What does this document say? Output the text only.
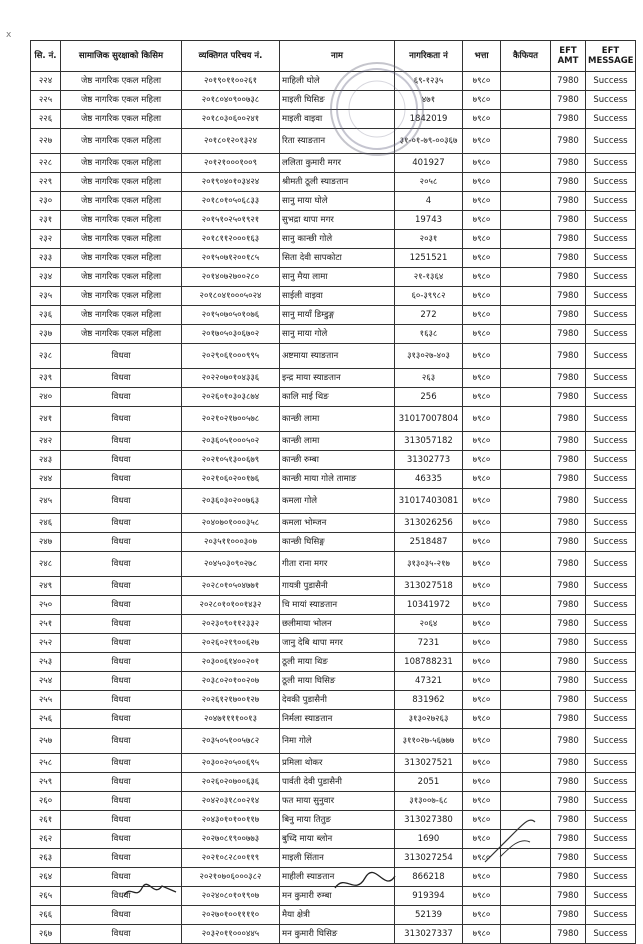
x
सि. नं.	सामाजिक सुरक्षाको किसिम	व्यक्तिगत परिचय नं.	नाम	नागरिकता नं	भत्ता	कैफियत	EFT AMT	EFT MESSAGE
२२४	जेष्ठ नागरिक एकल महिला	२०१९०११००२६१	माहिली घोले	६९-१२३५	७९८०		7980	Success
२२५	जेष्ठ नागरिक एकल महिला	२०१८०४०९००७३८	माइली घिसिङ	४७१	७९८०		7980	Success
२२६	जेष्ठ नागरिक एकल महिला	२०१८०३०६००२४१	माइली वाइवा	1842019	७९८०		7980	Success
२२७	जेष्ठ नागरिक एकल महिला	२०१८०१२०१३२४	रिता स्याङतान	३१-०१-७९-००३६७	७९८०		7980	Success
२२८	जेष्ठ नागरिक एकल महिला	२०१२१०००१००९	ललिता कुमारी मगर	401927	७९८०		7980	Success
२२९	जेष्ठ नागरिक एकल महिला	२०१९०४०१०३४२४	श्रीमती ठूली स्याङतान	२०५८	७९८०		7980	Success
२३०	जेष्ठ नागरिक एकल महिला	२०१८०१०५०६८३३	सानु माया घोले	4	७९८०		7980	Success
२३१	जेष्ठ नागरिक एकल महिला	२०१५१०२५०१९२१	सुभद्रा थापा मगर	19743	७९८०		7980	Success
२३२	जेष्ठ नागरिक एकल महिला	२०१८११२०००१६३	सानु कान्छी गोले	२०३१	७९८०		7980	Success
२३३	जेष्ठ नागरिक एकल महिला	२०१५०७१२००१८५	सिता देवी सापकोटा	1251521	७९८०		7980	Success
२३४	जेष्ठ नागरिक एकल महिला	२०१४०७२७००२८०	सानु मैया लामा	२१-१३६४	७९८०		7980	Success
२३५	जेष्ठ नागरिक एकल महिला	२०१८०४१०००५०२४	साईली वाइवा	६०-३९९८२	७९८०		7980	Success
२३६	जेष्ठ नागरिक एकल महिला	२०१५०७०५०१०७६	सानु मायाँ डिम्डुङ्ग	272	७९८०		7980	Success
२३७	जेष्ठ नागरिक एकल महिला	२०१७०५०३०६७०२	सानु माया गोले	१६३८	७९८०		7980	Success
२३८	विधवा	२०२९०६१०००९९५	अष्टमाया स्याङतान	३१३०२७-४०३	७९८०		7980	Success
२३९	विधवा	२०२२०७०१०४३३६	इन्द्र माया स्याङतान	२६३	७९८०		7980	Success
२४०	विधवा	२०२६०१०३०३८७४	कालि माई थिङ	256	७९८०		7980	Success
२४१	विधवा	२०२१०२१७००५७८	कान्छी लामा	31017007804	७९८०		7980	Success
२४२	विधवा	२०३६०५१०००५०२	कान्छी लामा	313057182	७९८०		7980	Success
२४३	विधवा	२०२१०५१३००६७९	कान्छी रुम्बा	31302773	७९८०		7980	Success
२४४	विधवा	२०२१०६०२००१७६	कान्छी माया गोले तामाङ	46335	७९८०		7980	Success
२४५	विधवा	२०३६०३०२००७६३	कमला गोले	31017403081	७९८०		7980	Success
२४६	विधवा	२०४०७०१०००३५८	कमला भोम्जन	313026256	७९८०		7980	Success
२४७	विधवा	२०३५११०००३०७	कान्छी घिसिङ्ग	2518487	७९८०		7980	Success
२४८	विधवा	२०४५०३०९०२७८	गीता राना मगर	३१३०३५-२१७	७९८०		7980	Success
२४९	विधवा	२०२८०१०५०४७७१	गायत्री पुडासैनी	313027518	७९८०		7980	Success
२५०	विधवा	२०२८०१०१००१४३२	चि मायां स्याङतान	10341972	७९८०		7980	Success
२५१	विधवा	२०२३०९०११२३३२	छलीमाया भोलन	२०६४	७९८०		7980	Success
२५२	विधवा	२०२६०२१९००६२७	जानु देबि थापा मगर	7231	७९८०		7980	Success
२५३	विधवा	२०३००६१४००२०१	ठूली माया थिङ	108788231	७९८०		7980	Success
२५४	विधवा	२०३८०२०१००२०७	ठूली माया घिसिङ	47321	७९८०		7980	Success
२५५	विधवा	२०२६१२१७००१२७	देवकी पुडासैनी	831962	७९८०		7980	Success
२५६	विधवा	२०४७११११००१३	निर्मला स्याङतान	३१३०२७२६३	७९८०		7980	Success
२५७	विधवा	२०३५०५१००५७८२	निमा गोले	३११०२७-५६७७७	७९८०		7980	Success
२५८	विधवा	२०३००२०५००६९५	प्रमिला थोकर	313027521	७९८०		7980	Success
२५९	विधवा	२०२६०२०७००६३६	पार्वती देवी पुडासैनी	2051	७९८०		7980	Success
२६०	विधवा	२०४२०३१८००२१४	फत माया सुनुवार	३१३००७-६८	७९८०		7980	Success
२६१	विधवा	२०४३०१०१००११७	बिनु माया तितुङ	313027380	७९८०		7980	Success
२६२	विधवा	२०२७०८१९००७७३	बुध्दि माया ब्लोन	1690	७९८०		7980	Success
२६३	विधवा	२०२१०८२८००११९	माइली सिंतान	313027254	७९८०		7980	Success
२६४	विधवा	२०२१०७०६०००३८२	माहीली स्याङतान	866218	७९८०		7980	Success
२६५	विधवा	२०२४०८०१०१९०७	मन कुमारी रुम्बा	919394	७९८०		7980	Success
२६६	विधवा	२०२७०१००११११०	मैया क्षेत्री	52139	७९८०		7980	Success
२६७	विधवा	२०३२०११०००४४५	मन कुमारी घिसिङ	313027337	७९८०		7980	Success
